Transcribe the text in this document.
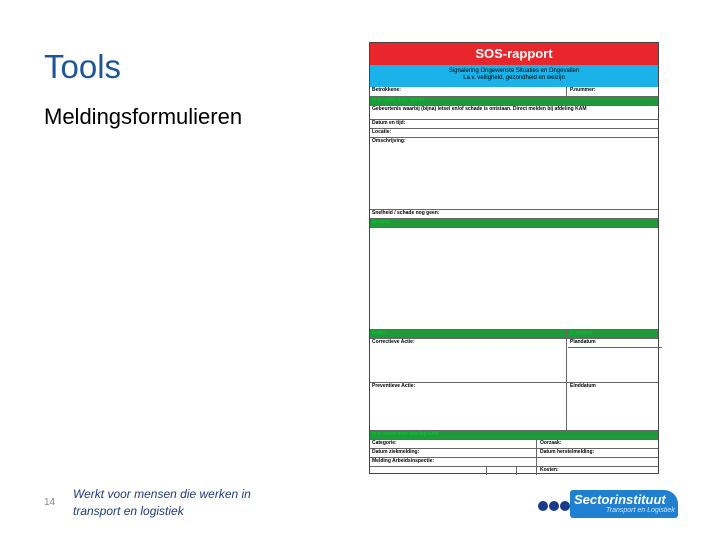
Tools
Meldingsformulieren
SOS-rapport
Signalering Ongewenste Situaties en Ongevallen
t.a.v. veiligheid, gezondheid en welzijn
Betrokkene:	P.nummer:
In te vullen door melder
Gebeurtenis waarbij (bijna) letsel en/of schade is ontstaan. Direct melden bij afdeling KAM
Datum en tijd:
Locatie:
Omschrijving:
Snelheid / schade nog geen:
Analyse
Acties	P.nummer:
Correctieve Actie:	Plandatum
Preventieve Actie:	Einddatum
In te vullen door afdeling KAM
Categorie:	Oorzaak:
Datum ziekmelding:	Datum herstelmelding:
Melding Arbeidsinspectie:
Kosten:
14
Werkt voor mensen die werken in
transport en logistiek
Sectorinstituut
Transport en Logistiek
